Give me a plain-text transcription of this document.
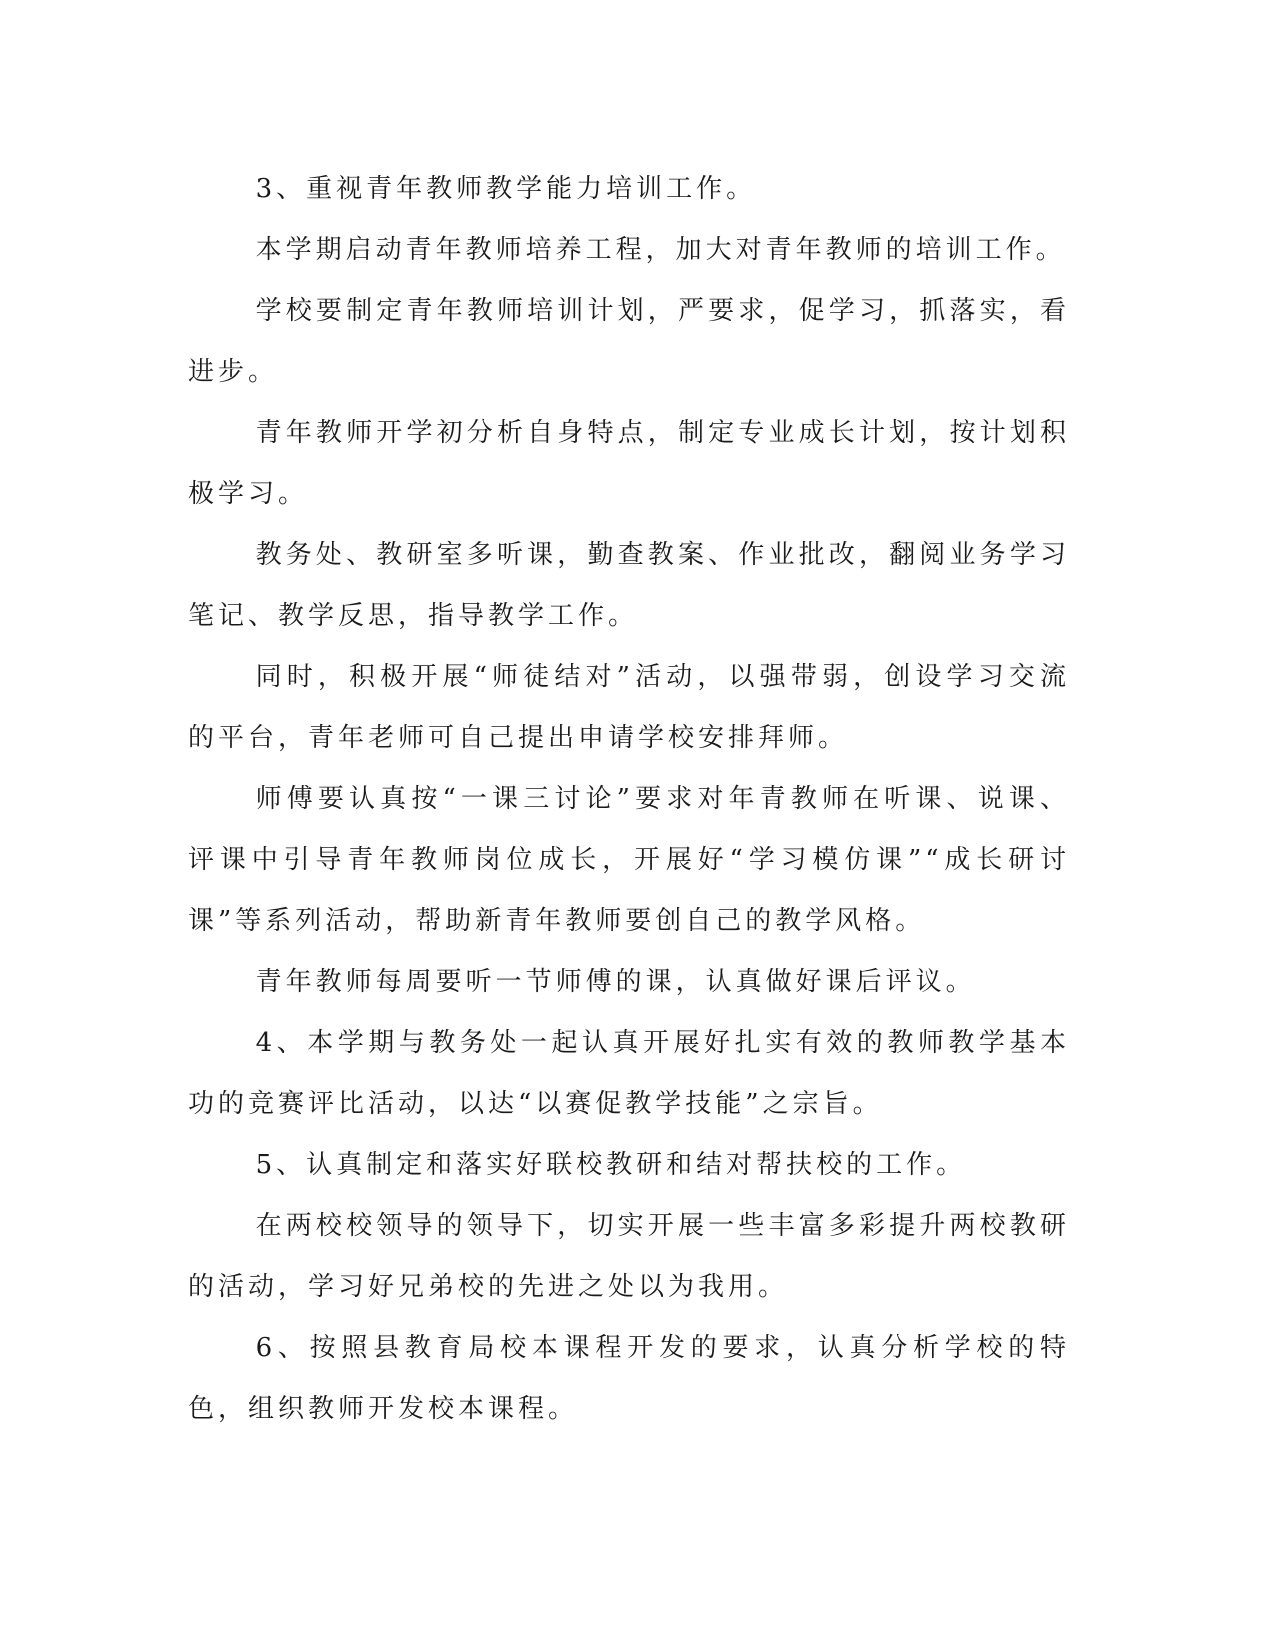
3、重视青年教师教学能力培训工作。

本学期启动青年教师培养工程，加大对青年教师的培训工作。

学校要制定青年教师培训计划，严要求，促学习，抓落实，看进步。

青年教师开学初分析自身特点，制定专业成长计划，按计划积极学习。

教务处、教研室多听课，勤查教案、作业批改，翻阅业务学习笔记、教学反思，指导教学工作。

同时，积极开展“师徒结对”活动，以强带弱，创设学习交流的平台，青年老师可自己提出申请学校安排拜师。

师傅要认真按“一课三讨论”要求对年青教师在听课、说课、评课中引导青年教师岗位成长，开展好“学习模仿课”“成长研讨课”等系列活动，帮助新青年教师要创自己的教学风格。

青年教师每周要听一节师傅的课，认真做好课后评议。

4、本学期与教务处一起认真开展好扎实有效的教师教学基本功的竞赛评比活动，以达“以赛促教学技能”之宗旨。

5、认真制定和落实好联校教研和结对帮扶校的工作。

在两校校领导的领导下，切实开展一些丰富多彩提升两校教研的活动，学习好兄弟校的先进之处以为我用。

6、按照县教育局校本课程开发的要求，认真分析学校的特色，组织教师开发校本课程。
